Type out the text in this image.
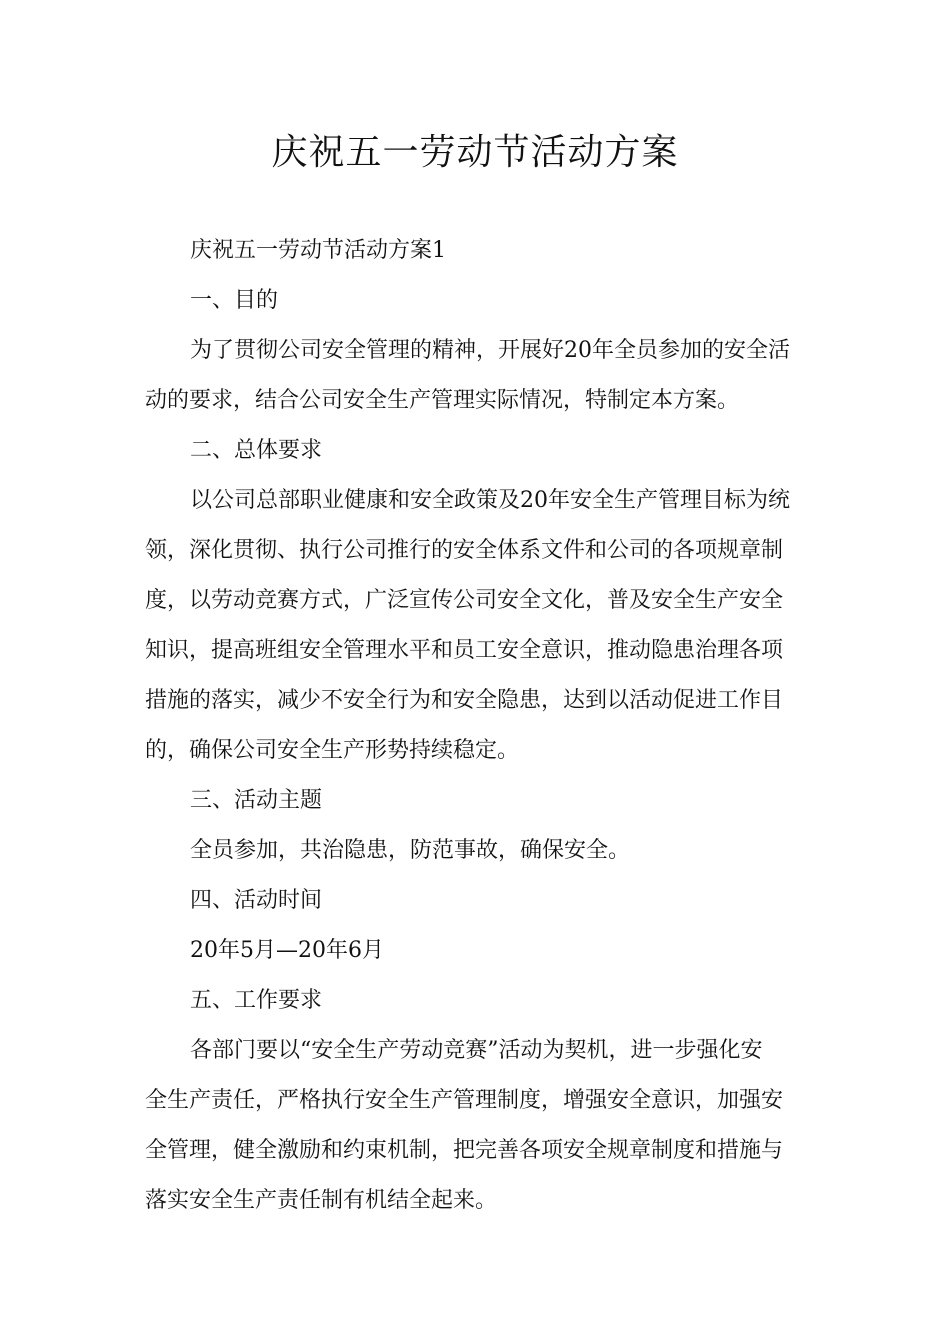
庆祝五一劳动节活动方案
庆祝五一劳动节活动方案1
一、目的
为了贯彻公司安全管理的精神，开展好20年全员参加的安全活
动的要求，结合公司安全生产管理实际情况，特制定本方案。
二、总体要求
以公司总部职业健康和安全政策及20年安全生产管理目标为统
领，深化贯彻、执行公司推行的安全体系文件和公司的各项规章制
度，以劳动竞赛方式，广泛宣传公司安全文化，普及安全生产安全
知识，提高班组安全管理水平和员工安全意识，推动隐患治理各项
措施的落实，减少不安全行为和安全隐患，达到以活动促进工作目
的，确保公司安全生产形势持续稳定。
三、活动主题
全员参加，共治隐患，防范事故，确保安全。
四、活动时间
20年5月—20年6月
五、工作要求
各部门要以“安全生产劳动竞赛”活动为契机，进一步强化安
全生产责任，严格执行安全生产管理制度，增强安全意识，加强安
全管理，健全激励和约束机制，把完善各项安全规章制度和措施与
落实安全生产责任制有机结全起来。
